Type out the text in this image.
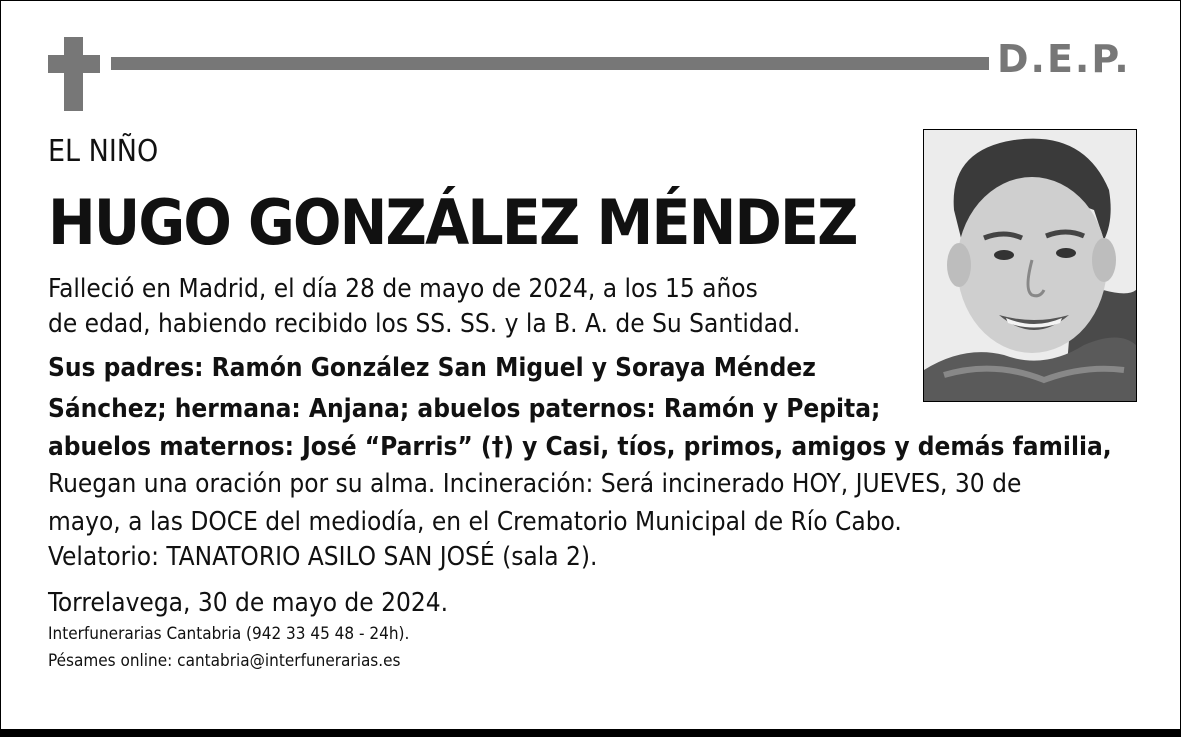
D.E.P.
EL NIÑO
HUGO GONZÁLEZ MÉNDEZ
Falleció en Madrid, el día 28 de mayo de 2024, a los 15 años
de edad, habiendo recibido los SS. SS. y la B. A. de Su Santidad.
Sus padres: Ramón González San Miguel y Soraya Méndez
Sánchez; hermana: Anjana; abuelos paternos: Ramón y Pepita;
abuelos maternos: José “Parris” (†) y Casi, tíos, primos, amigos y demás familia,
Ruegan una oración por su alma. Incineración: Será incinerado HOY, JUEVES, 30 de
mayo, a las DOCE del mediodía, en el Crematorio Municipal de Río Cabo.
Velatorio: TANATORIO ASILO SAN JOSÉ (sala 2).
Torrelavega, 30 de mayo de 2024.
Interfunerarias Cantabria (942 33 45 48 - 24h).
Pésames online: cantabria@interfunerarias.es
